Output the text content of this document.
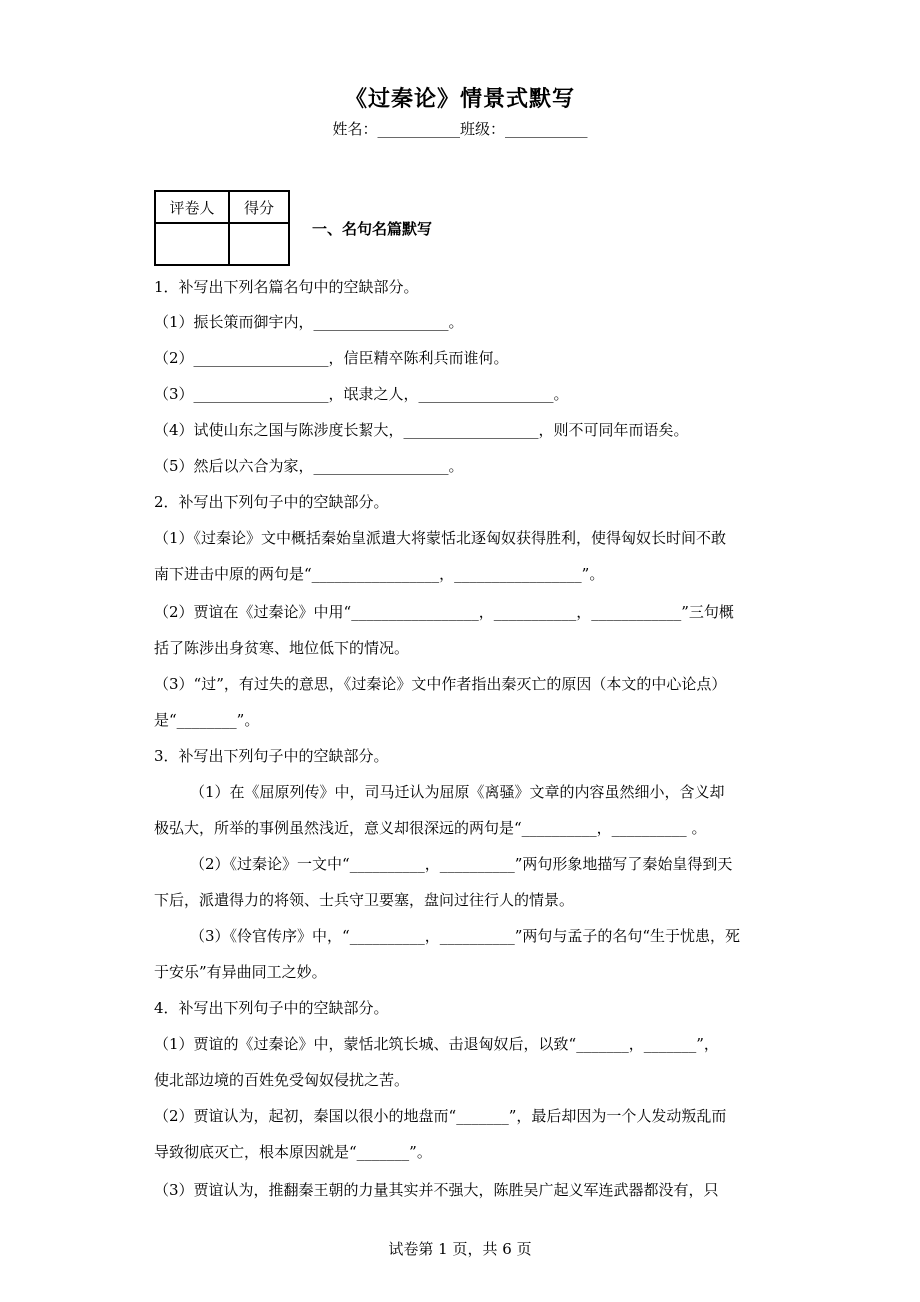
《过秦论》情景式默写
姓名：___________班级：___________
评卷人	得分

一、名句名篇默写
1．补写出下列名篇名句中的空缺部分。
（1）振长策而御宇内，__________________。
（2）__________________，信臣精卒陈利兵而谁何。
（3）__________________，氓隶之人，__________________。
（4）试使山东之国与陈涉度长絜大，__________________，则不可同年而语矣。
（5）然后以六合为家，__________________。
2．补写出下列句子中的空缺部分。
（1）《过秦论》文中概括秦始皇派遣大将蒙恬北逐匈奴获得胜利，使得匈奴长时间不敢
南下进击中原的两句是“_________________，_________________”。
（2）贾谊在《过秦论》中用“_________________，___________，____________”三句概
括了陈涉出身贫寒、地位低下的情况。
（3）“过”，有过失的意思，《过秦论》文中作者指出秦灭亡的原因（本文的中心论点）
是“________”。
3．补写出下列句子中的空缺部分。
（1）在《屈原列传》中，司马迁认为屈原《离骚》文章的内容虽然细小，含义却
极弘大，所举的事例虽然浅近，意义却很深远的两句是“__________，__________ 。
（2）《过秦论》一文中“__________，__________”两句形象地描写了秦始皇得到天
下后，派遣得力的将领、士兵守卫要塞，盘问过往行人的情景。
（3）《伶官传序》中，“__________，__________”两句与孟子的名句“生于忧患，死
于安乐”有异曲同工之妙。
4．补写出下列句子中的空缺部分。
（1）贾谊的《过秦论》中，蒙恬北筑长城、击退匈奴后，以致“_______，_______”，
使北部边境的百姓免受匈奴侵扰之苦。
（2）贾谊认为，起初，秦国以很小的地盘而“_______”，最后却因为一个人发动叛乱而
导致彻底灭亡，根本原因就是“_______”。
（3）贾谊认为，推翻秦王朝的力量其实并不强大，陈胜吴广起义军连武器都没有，只
试卷第 1 页，共 6 页
